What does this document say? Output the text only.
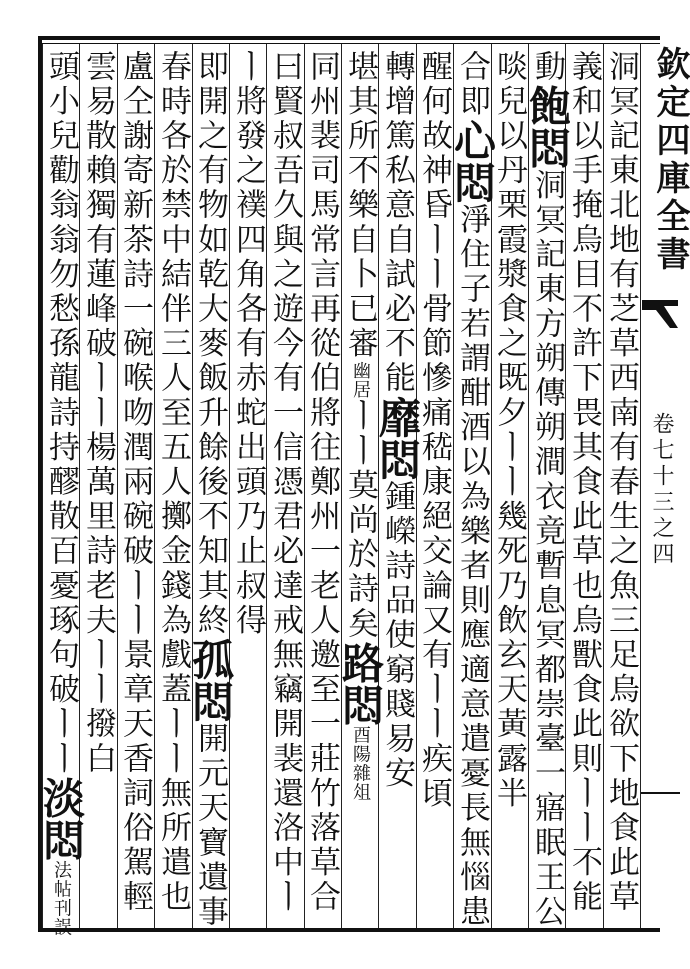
欽定四庫全書
卷七十三之四
洞冥記東北地有芝草西南有春生之魚三足烏欲下地食此草
義和以手掩烏目不許下畏其食此草也烏獸食此則ㅣㅣ不能
動飽悶洞冥記東方朔傳朔澗衣竟暫息冥都崇臺一寤眠王公
啖兒以丹栗霞漿食之既夕ㅣㅣ幾死乃飲玄天黃露半
合即心悶淨住子若謂酣酒以為樂者則應適意遣憂長無惱患
醒何故神昏ㅣㅣ骨節慘痛嵇康絕交論又有ㅣㅣ疾頃
轉增篤私意自試必不能靡悶鍾嶸詩品使窮賤易安
堪其所不樂自卜已審幽居ㅣㅣ莫尚於詩矣路悶酉陽雜俎
同州裴司馬常言再從伯將往鄭州一老人邀至一莊竹落草合
曰賢叔吾久與之遊今有一信憑君必達戒無竊開裴還洛中ㅣ
ㅣ將發之襆四角各有赤蛇出頭乃止叔得
即開之有物如乾大麥飯升餘後不知其終孤悶開元天寶遺事
春時各於禁中結伴三人至五人擲金錢為戲蓋ㅣㅣ無所遣也
盧仝謝寄新茶詩一碗喉吻潤兩碗破ㅣㅣ景章天香詞俗駕輕
雲易散賴獨有蓮峰破ㅣㅣ楊萬里詩老夫ㅣㅣ撥白
頭小兒勸翁翁勿愁孫龍詩持醪散百憂琢句破ㅣㅣ淡悶法帖刊誤
